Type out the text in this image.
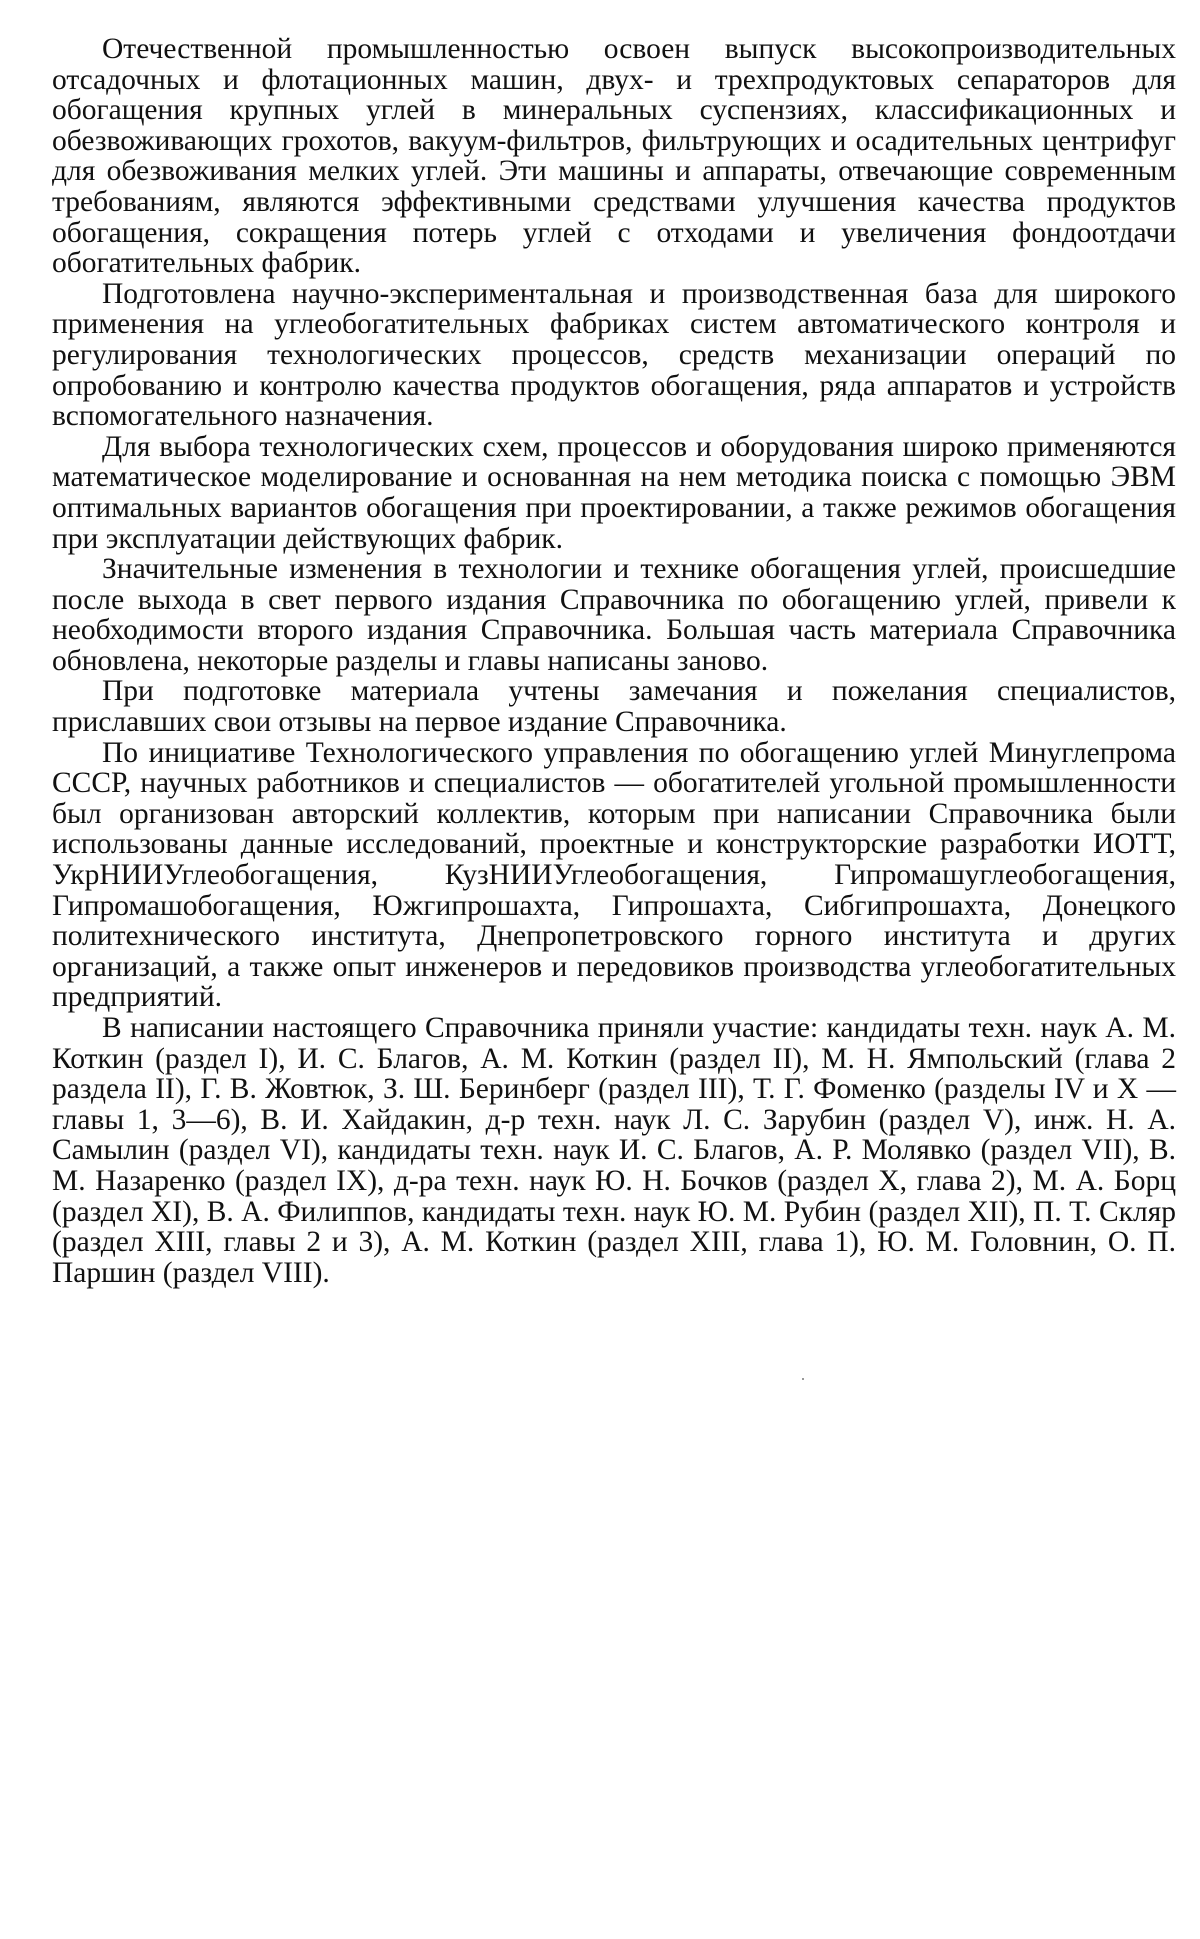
Отечественной промышленностью освоен выпуск высокопроизводительных отсадочных и флотационных машин, двух- и трехпродуктовых сепараторов для обогащения крупных углей в минеральных суспензиях, классификационных и обезвоживающих грохотов, вакуум-фильтров, фильтрующих и осадительных центрифуг для обезвоживания мелких углей. Эти машины и аппараты, отвечающие современным требованиям, являются эффективными средствами улучшения качества продуктов обогащения, сокращения потерь углей с отходами и увеличения фондоотдачи обогатительных фабрик.

Подготовлена научно-экспериментальная и производственная база для широкого применения на углеобогатительных фабриках систем автоматического контроля и регулирования технологических процессов, средств механизации операций по опробованию и контролю качества продуктов обогащения, ряда аппаратов и устройств вспомогательного назначения.

Для выбора технологических схем, процессов и оборудования широко применяются математическое моделирование и основанная на нем методика поиска с помощью ЭВМ оптимальных вариантов обогащения при проектировании, а также режимов обогащения при эксплуатации действующих фабрик.

Значительные изменения в технологии и технике обогащения углей, происшедшие после выхода в свет первого издания Справочника по обогащению углей, привели к необходимости второго издания Справочника. Большая часть материала Справочника обновлена, некоторые разделы и главы написаны заново.

При подготовке материала учтены замечания и пожелания специалистов, приславших свои отзывы на первое издание Справочника.

По инициативе Технологического управления по обогащению углей Минуглепрома СССР, научных работников и специалистов — обогатителей угольной промышленности был организован авторский коллектив, которым при написании Справочника были использованы данные исследований, проектные и конструкторские разработки ИОТТ, УкрНИИУглеобогащения, КузНИИУглеобогащения, Гипромашуглеобогащения, Гипромашобогащения, Южгипрошахта, Гипрошахта, Сибгипрошахта, Донецкого политехнического института, Днепропетровского горного института и других организаций, а также опыт инженеров и передовиков производства углеобогатительных предприятий.

В написании настоящего Справочника приняли участие: кандидаты техн. наук А. М. Коткин (раздел I), И. С. Благов, А. М. Коткин (раздел II), М. Н. Ямпольский (глава 2 раздела II), Г. В. Жовтюк, З. Ш. Беринберг (раздел III), Т. Г. Фоменко (разделы IV и X — главы 1, 3—6), В. И. Хайдакин, д-р техн. наук Л. С. Зарубин (раздел V), инж. Н. А. Самылин (раздел VI), кандидаты техн. наук И. С. Благов, А. Р. Молявко (раздел VII), В. М. Назаренко (раздел IX), д-ра техн. наук Ю. Н. Бочков (раздел X, глава 2), М. А. Борц (раздел XI), В. А. Филиппов, кандидаты техн. наук Ю. М. Рубин (раздел XII), П. Т. Скляр (раздел XIII, главы 2 и 3), А. М. Коткин (раздел XIII, глава 1), Ю. М. Головнин, О. П. Паршин (раздел VIII).
